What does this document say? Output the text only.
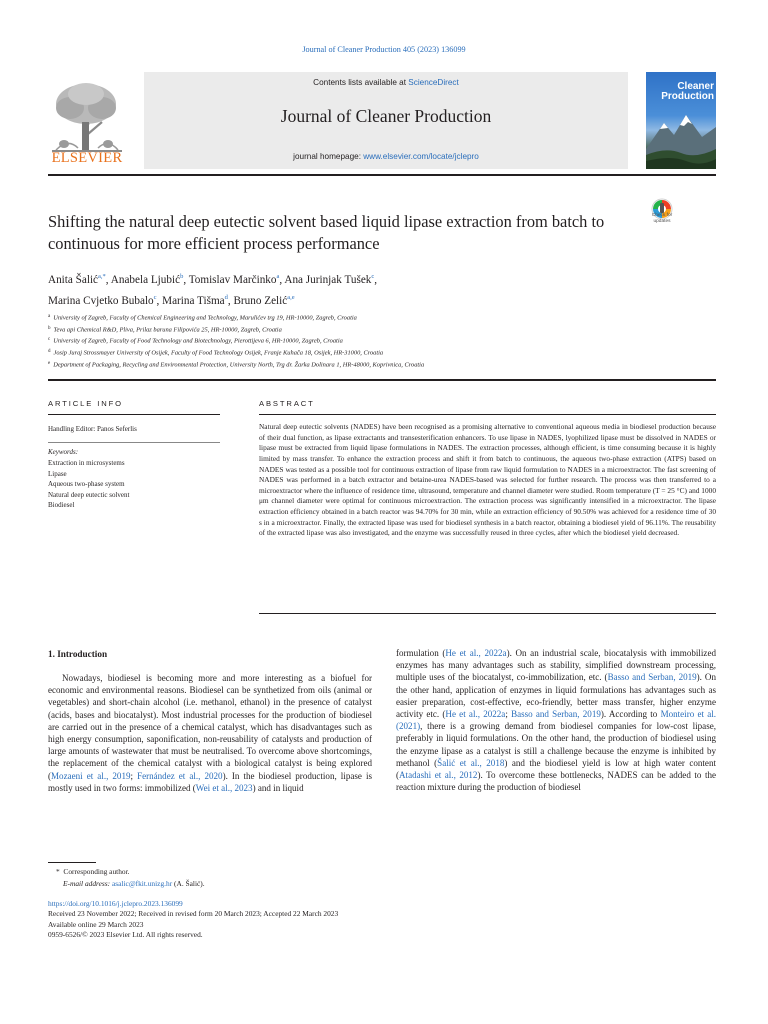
Journal of Cleaner Production 405 (2023) 136099
ELSEVIER
Contents lists available at ScienceDirect
Journal of Cleaner Production
journal homepage: www.elsevier.com/locate/jclepro
Cleaner
Production
Check for
updates
Shifting the natural deep eutectic solvent based liquid lipase extraction from batch to continuous for more efficient process performance
Anita Šalić$^{a,*}$, Anabela Ljubić$^b$, Tomislav Marčinko$^a$, Ana Jurinjak Tušek$^c$,
Marina Cvjetko Bubalo$^c$, Marina Tišma$^d$, Bruno Zelić$^{a,e}$
$^a$ University of Zagreb, Faculty of Chemical Engineering and Technology, Marulićev trg 19, HR-10000, Zagreb, Croatia
$^b$ Teva api Chemical R&D, Pliva, Prilaz baruna Filipovića 25, HR-10000, Zagreb, Croatia
$^c$ University of Zagreb, Faculty of Food Technology and Biotechnology, Pierottijeva 6, HR-10000, Zagreb, Croatia
$^d$ Josip Juraj Strossmayer University of Osijek, Faculty of Food Technology Osijek, Franje Kuhača 18, Osijek, HR-31000, Croatia
$^e$ Department of Packaging, Recycling and Environmental Protection, University North, Trg dr. Žarka Dolinara 1, HR-48000, Koprivnica, Croatia
ARTICLE INFO
Handling Editor: Panos Seferlis
Keywords:
Extraction in microsystems
Lipase
Aqueous two-phase system
Natural deep eutectic solvent
Biodiesel
ABSTRACT
Natural deep eutectic solvents (NADES) have been recognised as a promising alternative to conventional aqueous media in biodiesel production because of their dual function, as lipase extractants and transesterification enhancers. To use lipase in NADES, lyophilized lipase must be dissolved in NADES or lipase must be extracted from liquid lipase formulations in NADES. The extraction processes, although efficient, is time consuming because it is highly limited by mass transfer. To enhance the extraction process and shift it from batch to continuous, the aqueous two-phase extraction (ATPS) based on NADES was tested as a possible tool for continuous extraction of lipase from raw liquid formulation to NADES in a microextractor. The fast screening of NADES was performed in a batch extractor and betaine-urea NADES-based was selected for further research. The process was then transferred to a microextractor where the influence of residence time, ultrasound, temperature and channel diameter were studied. Room temperature (T = 25 °C) and 1000 μm channel diameter were optimal for continuous microextraction. The extraction process was significantly intensified in a microextractor. The lipase extraction efficiency obtained in a batch reactor was 94.70% for 30 min, while an extraction efficiency of 90.50% was achieved for a residence time of 30 s in a microextractor. Finally, the extracted lipase was used for biodiesel synthesis in a batch reactor, obtaining a biodiesel yield of 96.11%. The reusability of the extracted lipase was also investigated, and the enzyme was successfully reused in three cycles, after which the biodiesel yield decreased.
1. Introduction

Nowadays, biodiesel is becoming more and more interesting as a biofuel for economic and environmental reasons. Biodiesel can be synthetized from oils (animal or vegetables) and short-chain alcohol (i.e. methanol, ethanol) in the presence of catalyst (acids, bases and biocatalyst). Most industrial processes for the production of biodiesel are carried out in the presence of a chemical catalyst, which has disadvantages such as high energy consumption, saponification, non-reusability of catalysts and production of large amounts of wastewater that must be neutralised. To overcome above shortcomings, the replacement of the chemical catalyst with a biological catalyst is being explored (Mozaeni et al., 2019; Fernández et al., 2020). In the biodiesel production, lipase is mostly used in two forms: immobilized (Wei et al., 2023) and in liquid

formulation (He et al., 2022a). On an industrial scale, biocatalysis with immobilized enzymes has many advantages such as stability, simplified downstream processing, multiple uses of the biocatalyst, co-immobilization, etc. (Basso and Serban, 2019). On the other hand, application of enzymes in liquid formulations has advantages such as easier preparation, cost-effective, eco-friendly, better mass transfer, higher enzyme activity etc. (He et al., 2022a; Basso and Serban, 2019). According to Monteiro et al. (2021), there is a growing demand from biodiesel companies for low-cost lipase, preferably in liquid formulations. On the other hand, the production of biodiesel using the enzyme lipase as a catalyst is still a challenge because the enzyme is inhibited by methanol (Šalić et al., 2018) and the biodiesel yield is low at high water content (Atadashi et al., 2012). To overcome these bottlenecks, NADES can be added to the reaction mixture during the production of biodiesel
* Corresponding author.
E-mail address: asalic@fkit.unizg.hr (A. Šalić).
https://doi.org/10.1016/j.jclepro.2023.136099
Received 23 November 2022; Received in revised form 20 March 2023; Accepted 22 March 2023
Available online 29 March 2023
0959-6526/© 2023 Elsevier Ltd. All rights reserved.
